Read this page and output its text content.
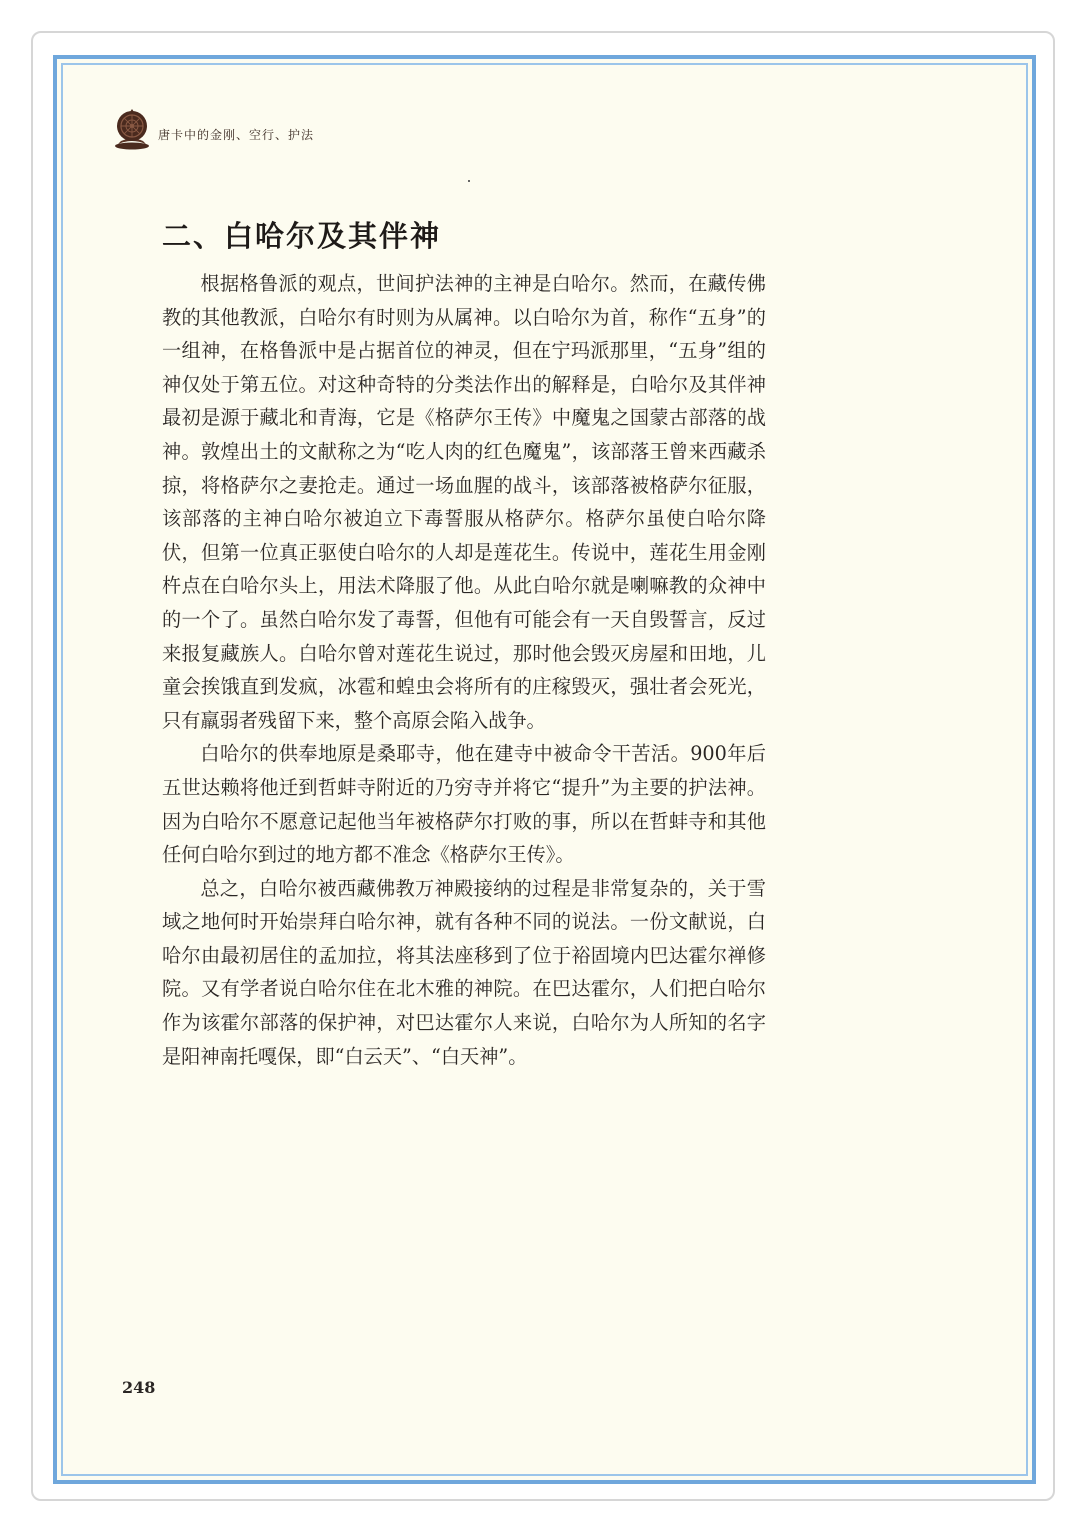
唐卡中的金刚、空行、护法
二、白哈尔及其伴神

根据格鲁派的观点，世间护法神的主神是白哈尔。然而，在藏传佛教的其他教派，白哈尔有时则为从属神。以白哈尔为首，称作“五身”的一组神，在格鲁派中是占据首位的神灵，但在宁玛派那里，“五身”组的神仅处于第五位。对这种奇特的分类法作出的解释是，白哈尔及其伴神最初是源于藏北和青海，它是《格萨尔王传》中魔鬼之国蒙古部落的战神。敦煌出土的文献称之为“吃人肉的红色魔鬼”，该部落王曾来西藏杀掠，将格萨尔之妻抢走。通过一场血腥的战斗，该部落被格萨尔征服，该部落的主神白哈尔被迫立下毒誓服从格萨尔。格萨尔虽使白哈尔降伏，但第一位真正驱使白哈尔的人却是莲花生。传说中，莲花生用金刚杵点在白哈尔头上，用法术降服了他。从此白哈尔就是喇嘛教的众神中的一个了。虽然白哈尔发了毒誓，但他有可能会有一天自毁誓言，反过来报复藏族人。白哈尔曾对莲花生说过，那时他会毁灭房屋和田地，儿童会挨饿直到发疯，冰雹和蝗虫会将所有的庄稼毁灭，强壮者会死光，只有羸弱者残留下来，整个高原会陷入战争。

白哈尔的供奉地原是桑耶寺，他在建寺中被命令干苦活。900年后五世达赖将他迁到哲蚌寺附近的乃穷寺并将它“提升”为主要的护法神。因为白哈尔不愿意记起他当年被格萨尔打败的事，所以在哲蚌寺和其他任何白哈尔到过的地方都不准念《格萨尔王传》。

总之，白哈尔被西藏佛教万神殿接纳的过程是非常复杂的，关于雪域之地何时开始崇拜白哈尔神，就有各种不同的说法。一份文献说，白哈尔由最初居住的孟加拉，将其法座移到了位于裕固境内巴达霍尔禅修院。又有学者说白哈尔住在北木雅的神院。在巴达霍尔，人们把白哈尔作为该霍尔部落的保护神，对巴达霍尔人来说，白哈尔为人所知的名字是阳神南托嘎保，即“白云天”、“白天神”。

248
